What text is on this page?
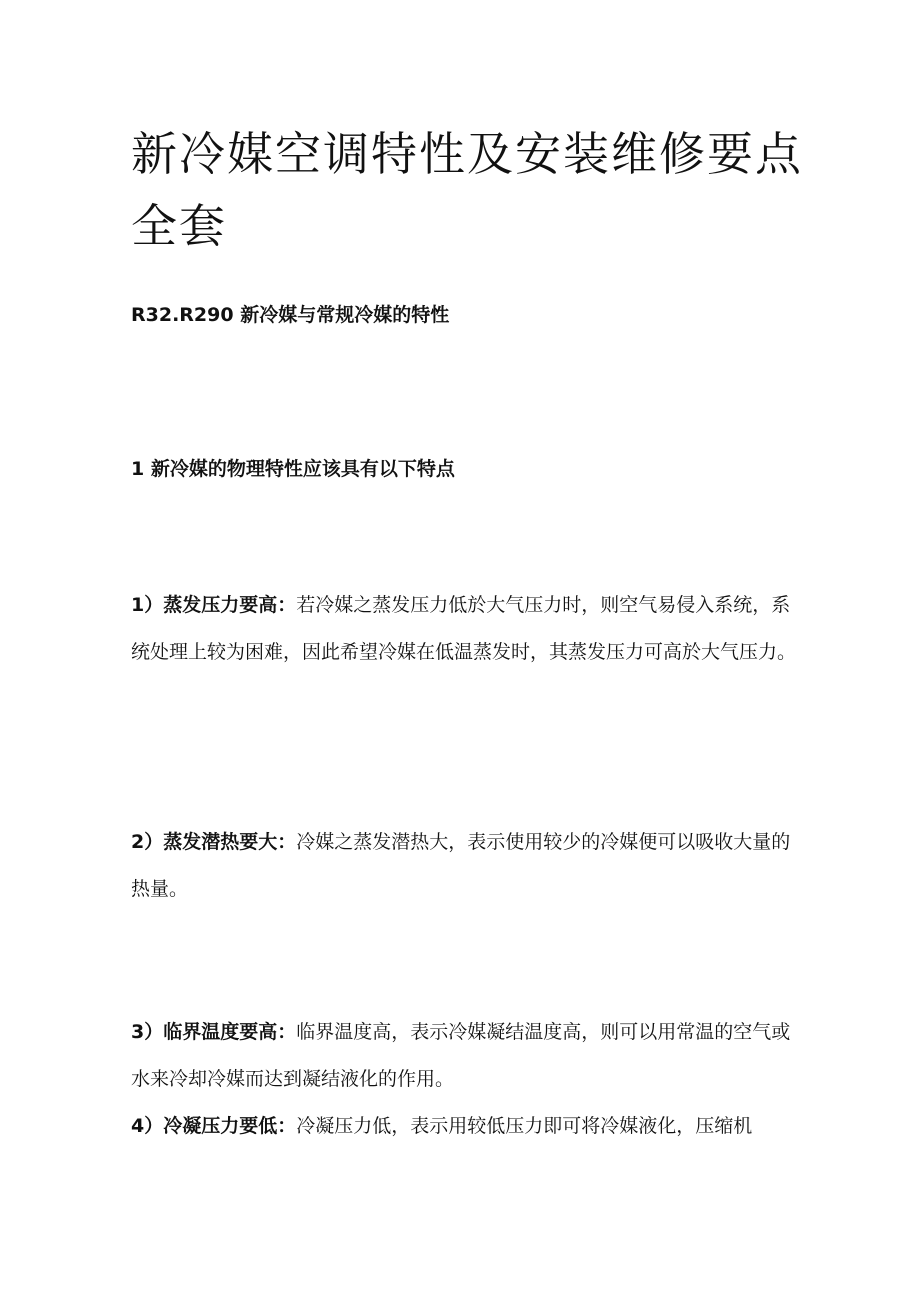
新冷媒空调特性及安装维修要点全套

R32.R290 新冷媒与常规冷媒的特性

1 新冷媒的物理特性应该具有以下特点

1）蒸发压力要高：若冷媒之蒸发压力低於大气压力时，则空气易侵入系统，系统处理上较为困难，因此希望冷媒在低温蒸发时，其蒸发压力可高於大气压力。

2）蒸发潜热要大：冷媒之蒸发潜热大，表示使用较少的冷媒便可以吸收大量的热量。

3）临界温度要高：临界温度高，表示冷媒凝结温度高，则可以用常温的空气或水来冷却冷媒而达到凝结液化的作用。

4）冷凝压力要低：冷凝压力低，表示用较低压力即可将冷媒液化，压缩机
